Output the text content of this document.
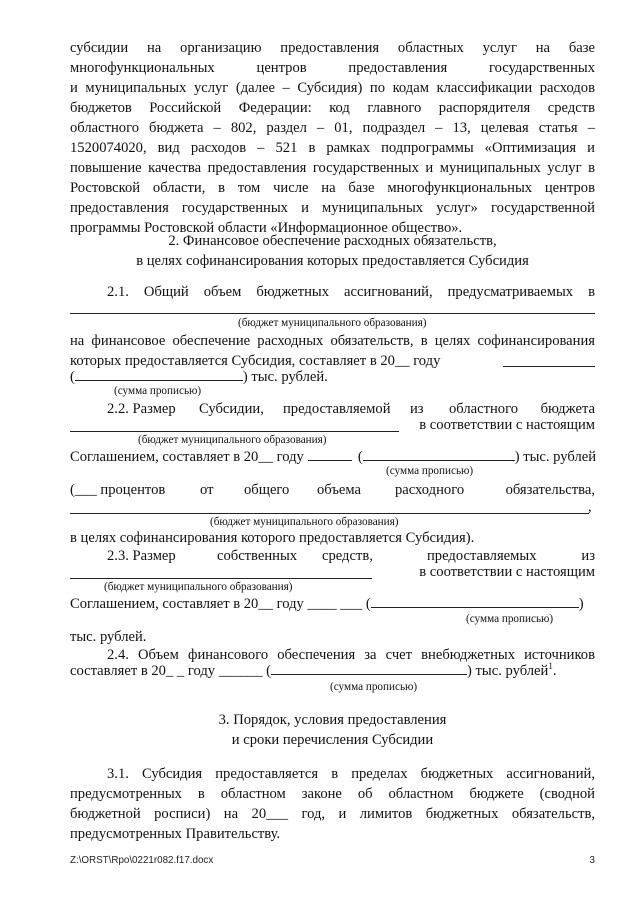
субсидии на организацию предоставления областных услуг на базе
многофункциональных центров предоставления государственных
и муниципальных услуг (далее – Субсидия) по кодам классификации расходов
бюджетов Российской Федерации: код главного распорядителя средств
областного бюджета – 802, раздел – 01, подраздел – 13, целевая статья –
1520074020, вид расходов – 521 в рамках подпрограммы «Оптимизация и
повышение качества предоставления государственных и муниципальных услуг в
Ростовской области, в том числе на базе многофункциональных центров
предоставления государственных и муниципальных услуг» государственной
программы Ростовской области «Информационное общество».
2. Финансовое обеспечение расходных обязательств,
в целях софинансирования которых предоставляется Субсидия
2.1. Общий объем бюджетных ассигнований, предусматриваемых в
(бюджет муниципального образования)
на финансовое обеспечение расходных обязательств, в целях софинансирования
которых предоставляется Субсидия, составляет в 20__ году
(	) тыс. рублей.
(сумма прописью)
2.2. Размер Субсидии, предоставляемой из областного бюджета
в соответствии с настоящим
(бюджет муниципального образования)
Соглашением, составляет в 20__ году	(	) тыс. рублей
(сумма прописью)
(___ процентов от общего объема расходного	обязательства,
,
(бюджет муниципального образования)
в целях софинансирования которого предоставляется Субсидия).
2.3. Размер	собственных средств,	предоставляемых	из
в соответствии с настоящим
(бюджет муниципального образования)
Соглашением, составляет в 20__ году ____ ___ (	)
(сумма прописью)
тыс. рублей.
2.4. Объем финансового обеспечения за счет внебюджетных источников
составляет в 20_ _ году ______ (	) тыс. рублей$^1$.
(сумма прописью)
3. Порядок, условия предоставления
и сроки перечисления Субсидии
3.1. Субсидия предоставляется в пределах бюджетных ассигнований,
предусмотренных в областном законе об областном бюджете (сводной
бюджетной росписи) на 20___ год, и лимитов бюджетных обязательств,
предусмотренных Правительству.
Z:\ORST\Rpo\0221r082.f17.docx	3
